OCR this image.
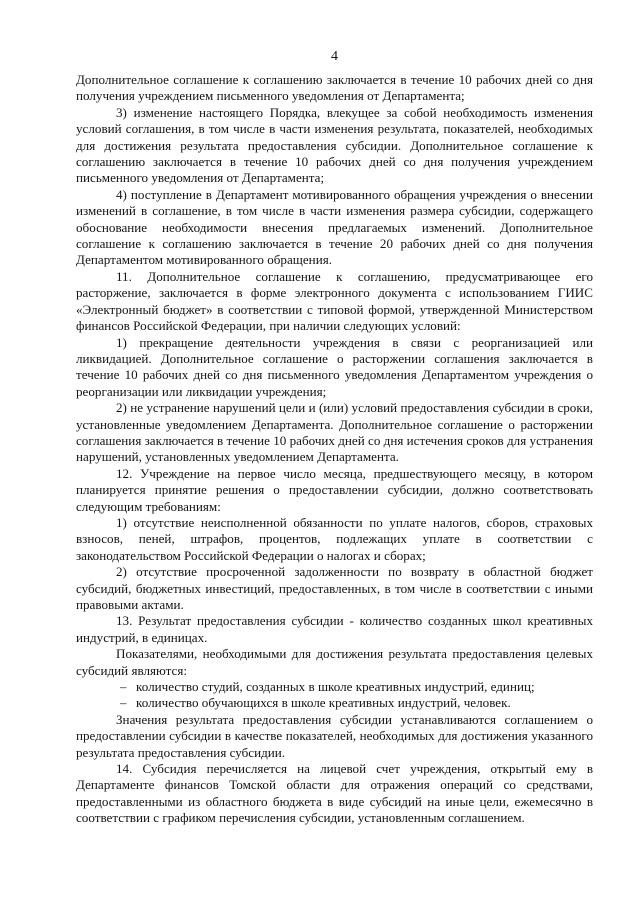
4

Дополнительное соглашение к соглашению заключается в течение 10 рабочих дней со дня получения учреждением письменного уведомления от Департамента;

3) изменение настоящего Порядка, влекущее за собой необходимость изменения условий соглашения, в том числе в части изменения результата, показателей, необходимых для достижения результата предоставления субсидии. Дополнительное соглашение к соглашению заключается в течение 10 рабочих дней со дня получения учреждением письменного уведомления от Департамента;

4) поступление в Департамент мотивированного обращения учреждения о внесении изменений в соглашение, в том числе в части изменения размера субсидии, содержащего обоснование необходимости внесения предлагаемых изменений. Дополнительное соглашение к соглашению заключается в течение 20 рабочих дней со дня получения Департаментом мотивированного обращения.

11. Дополнительное соглашение к соглашению, предусматривающее его расторжение, заключается в форме электронного документа с использованием ГИИС «Электронный бюджет» в соответствии с типовой формой, утвержденной Министерством финансов Российской Федерации, при наличии следующих условий:

1) прекращение деятельности учреждения в связи с реорганизацией или ликвидацией. Дополнительное соглашение о расторжении соглашения заключается в течение 10 рабочих дней со дня письменного уведомления Департаментом учреждения о реорганизации или ликвидации учреждения;

2) не устранение нарушений цели и (или) условий предоставления субсидии в сроки, установленные уведомлением Департамента. Дополнительное соглашение о расторжении соглашения заключается в течение 10 рабочих дней со дня истечения сроков для устранения нарушений, установленных уведомлением Департамента.

12. Учреждение на первое число месяца, предшествующего месяцу, в котором планируется принятие решения о предоставлении субсидии, должно соответствовать следующим требованиям:

1) отсутствие неисполненной обязанности по уплате налогов, сборов, страховых взносов, пеней, штрафов, процентов, подлежащих уплате в соответствии с законодательством Российской Федерации о налогах и сборах;

2) отсутствие просроченной задолженности по возврату в областной бюджет субсидий, бюджетных инвестиций, предоставленных, в том числе в соответствии с иными правовыми актами.

13. Результат предоставления субсидии - количество созданных школ креативных индустрий, в единицах.

Показателями, необходимыми для достижения результата предоставления целевых субсидий являются:

– количество студий, созданных в школе креативных индустрий, единиц;

– количество обучающихся в школе креативных индустрий, человек.

Значения результата предоставления субсидии устанавливаются соглашением о предоставлении субсидии в качестве показателей, необходимых для достижения указанного результата предоставления субсидии.

14. Субсидия перечисляется на лицевой счет учреждения, открытый ему в Департаменте финансов Томской области для отражения операций со средствами, предоставленными из областного бюджета в виде субсидий на иные цели, ежемесячно в соответствии с графиком перечисления субсидии, установленным соглашением.
